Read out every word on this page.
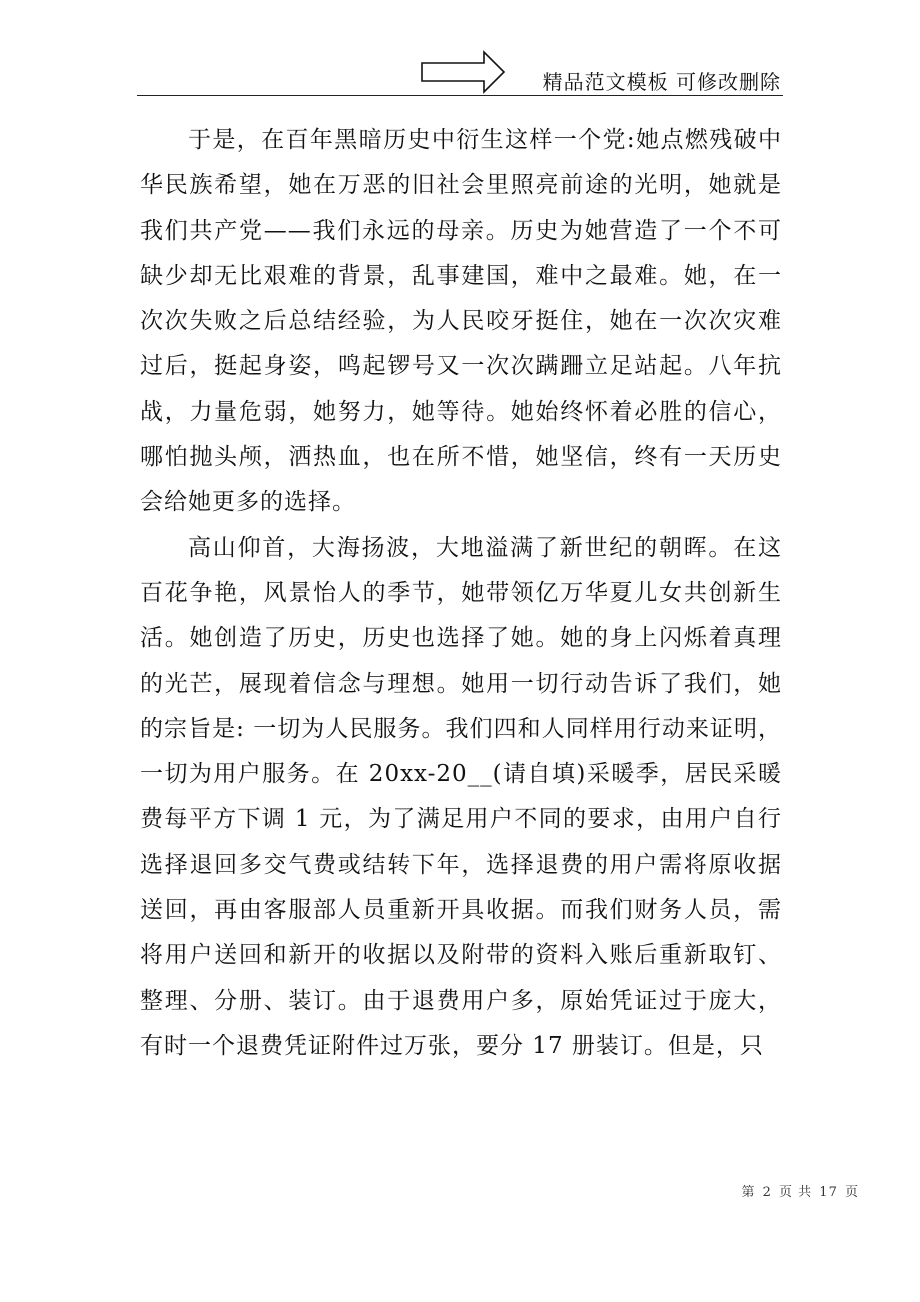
精品范文模板 可修改删除

于是，在百年黑暗历史中衍生这样一个党:她点燃残破中华民族希望，她在万恶的旧社会里照亮前途的光明，她就是我们共产党——我们永远的母亲。历史为她营造了一个不可缺少却无比艰难的背景，乱事建国，难中之最难。她，在一次次失败之后总结经验，为人民咬牙挺住，她在一次次灾难过后，挺起身姿，鸣起锣号又一次次蹒跚立足站起。八年抗战，力量危弱，她努力，她等待。她始终怀着必胜的信心，哪怕抛头颅，洒热血，也在所不惜，她坚信，终有一天历史会给她更多的选择。

高山仰首，大海扬波，大地溢满了新世纪的朝晖。在这百花争艳，风景怡人的季节，她带领亿万华夏儿女共创新生活。她创造了历史，历史也选择了她。她的身上闪烁着真理的光芒，展现着信念与理想。她用一切行动告诉了我们，她的宗旨是: 一切为人民服务。我们四和人同样用行动来证明，一切为用户服务。在 20xx-20__(请自填)采暖季，居民采暖费每平方下调 1 元，为了满足用户不同的要求，由用户自行选择退回多交气费或结转下年，选择退费的用户需将原收据送回，再由客服部人员重新开具收据。而我们财务人员，需将用户送回和新开的收据以及附带的资料入账后重新取钉、整理、分册、装订。由于退费用户多，原始凭证过于庞大，有时一个退费凭证附件过万张，要分 17 册装订。但是，只

第 2 页 共 17 页
